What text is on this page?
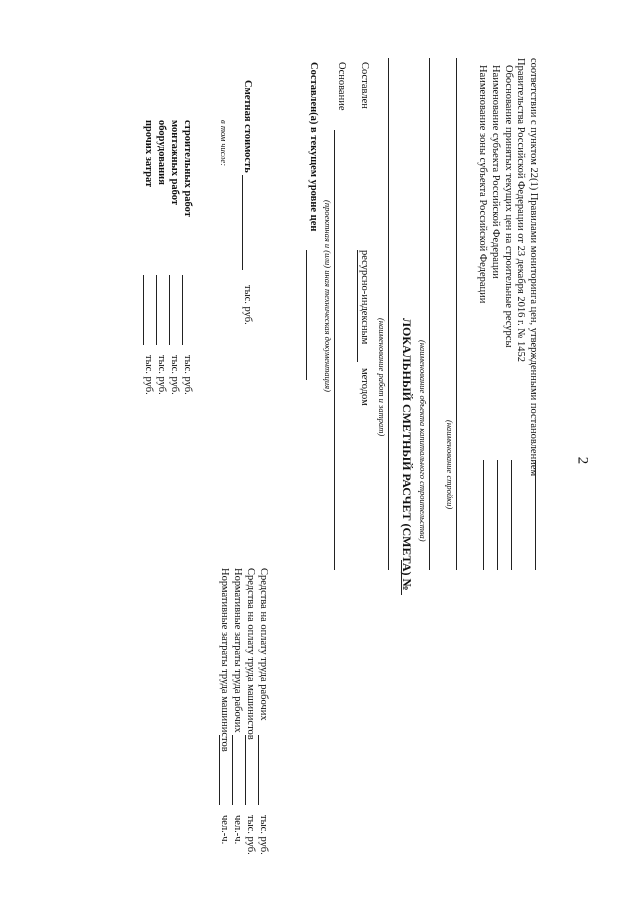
2
соответствии с пунктом 22(1) Правилами мониторинга цен, утвержденными постановлением
Правительства Российской Федерации от 23 декабря 2016 г. № 1452
Обоснование принятых текущих цен на строительные ресурсы
Наименование субъекта Российской Федерации
Наименование зоны субъекта Российской Федерации
(наименование стройки)
(наименование объекта капитального строительства)
ЛОКАЛЬНЫЙ СМЕТНЫЙ РАСЧЕТ (СМЕТА) №
(наименование работ и затрат)
Составлен
ресурсно-индексным
методом
Основание
(проектная и (или) иная техническая документация)
Составлен(а) в текущем уровне цен
Сметная стоимость
тыс. руб.
в том числе:
строительных работ
тыс. руб.
монтажных работ
тыс. руб.
оборудования
тыс. руб.
прочих затрат
тыс. руб.
Средства на оплату труда рабочих
тыс. руб.
Средства на оплату труда машинистов
тыс. руб.
Нормативные затраты труда рабочих
чел.-ч.
Нормативные затраты труда машинистов
чел.-ч.
